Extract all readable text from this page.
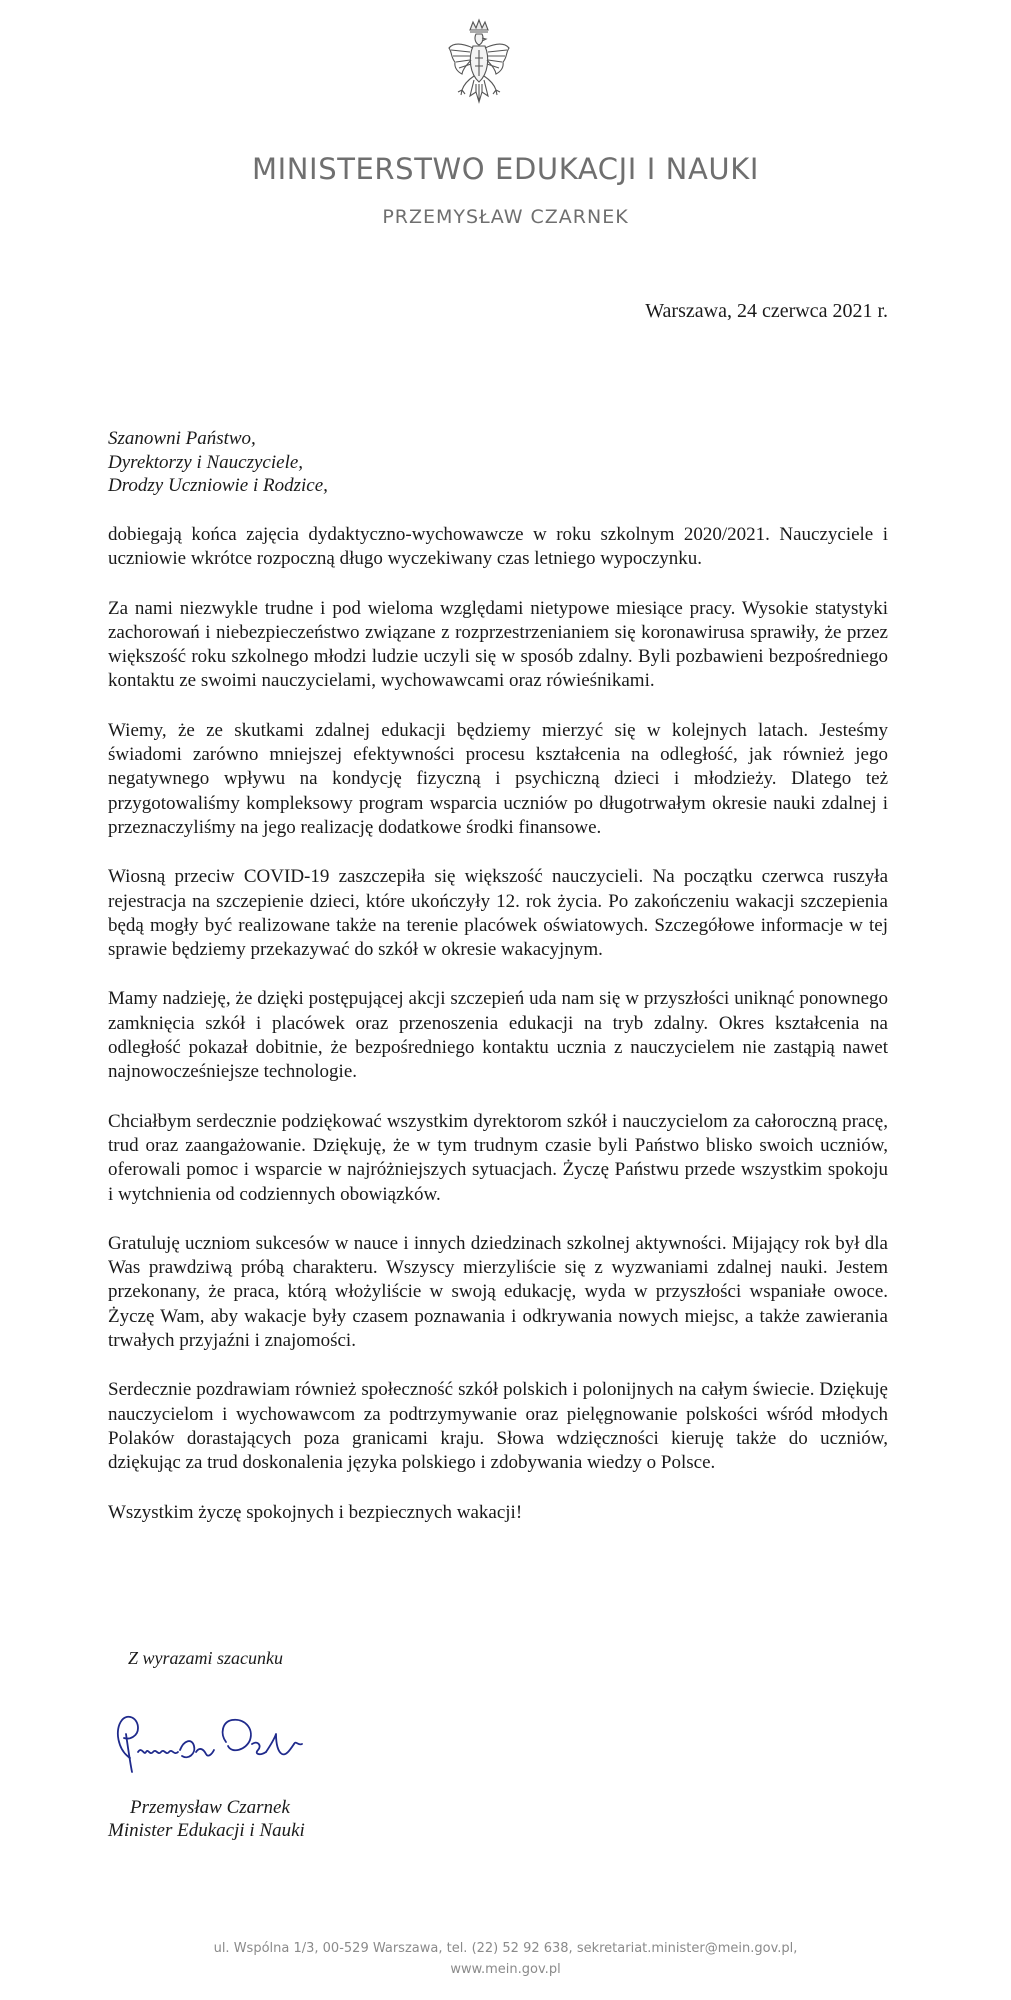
MINISTERSTWO EDUKACJI I NAUKI
PRZEMYSŁAW CZARNEK
Warszawa, 24 czerwca 2021 r.
Szanowni Państwo,
Dyrektorzy i Nauczyciele,
Drodzy Uczniowie i Rodzice,

dobiegają końca zajęcia dydaktyczno-wychowawcze w roku szkolnym 2020/2021. Nauczyciele i uczniowie wkrótce rozpoczną długo wyczekiwany czas letniego wypoczynku.

Za nami niezwykle trudne i pod wieloma względami nietypowe miesiące pracy. Wysokie statystyki zachorowań i niebezpieczeństwo związane z rozprzestrzenianiem się koronawirusa sprawiły, że przez większość roku szkolnego młodzi ludzie uczyli się w sposób zdalny. Byli pozbawieni bezpośredniego kontaktu ze swoimi nauczycielami, wychowawcami oraz rówieśnikami.

Wiemy, że ze skutkami zdalnej edukacji będziemy mierzyć się w kolejnych latach. Jesteśmy świadomi zarówno mniejszej efektywności procesu kształcenia na odległość, jak również jego negatywnego wpływu na kondycję fizyczną i psychiczną dzieci i młodzieży. Dlatego też przygotowaliśmy kompleksowy program wsparcia uczniów po długotrwałym okresie nauki zdalnej i przeznaczyliśmy na jego realizację dodatkowe środki finansowe.

Wiosną przeciw COVID-19 zaszczepiła się większość nauczycieli. Na początku czerwca ruszyła rejestracja na szczepienie dzieci, które ukończyły 12. rok życia. Po zakończeniu wakacji szczepienia będą mogły być realizowane także na terenie placówek oświatowych. Szczegółowe informacje w tej sprawie będziemy przekazywać do szkół w okresie wakacyjnym.

Mamy nadzieję, że dzięki postępującej akcji szczepień uda nam się w przyszłości uniknąć ponownego zamknięcia szkół i placówek oraz przenoszenia edukacji na tryb zdalny. Okres kształcenia na odległość pokazał dobitnie, że bezpośredniego kontaktu ucznia z nauczycielem nie zastąpią nawet najnowocześniejsze technologie.

Chciałbym serdecznie podziękować wszystkim dyrektorom szkół i nauczycielom za całoroczną pracę, trud oraz zaangażowanie. Dziękuję, że w tym trudnym czasie byli Państwo blisko swoich uczniów, oferowali pomoc i wsparcie w najróżniejszych sytuacjach. Życzę Państwu przede wszystkim spokoju i wytchnienia od codziennych obowiązków.

Gratuluję uczniom sukcesów w nauce i innych dziedzinach szkolnej aktywności. Mijający rok był dla Was prawdziwą próbą charakteru. Wszyscy mierzyliście się z wyzwaniami zdalnej nauki. Jestem przekonany, że praca, którą włożyliście w swoją edukację, wyda w przyszłości wspaniałe owoce. Życzę Wam, aby wakacje były czasem poznawania i odkrywania nowych miejsc, a także zawierania trwałych przyjaźni i znajomości.

Serdecznie pozdrawiam również społeczność szkół polskich i polonijnych na całym świecie. Dziękuję nauczycielom i wychowawcom za podtrzymywanie oraz pielęgnowanie polskości wśród młodych Polaków dorastających poza granicami kraju. Słowa wdzięczności kieruję także do uczniów, dziękując za trud doskonalenia języka polskiego i zdobywania wiedzy o Polsce.

Wszystkim życzę spokojnych i bezpiecznych wakacji!

Z wyrazami szacunku
Przemysław Czarnek
Minister Edukacji i Nauki
ul. Wspólna 1/3, 00-529 Warszawa, tel. (22) 52 92 638, sekretariat.minister@mein.gov.pl,
www.mein.gov.pl
